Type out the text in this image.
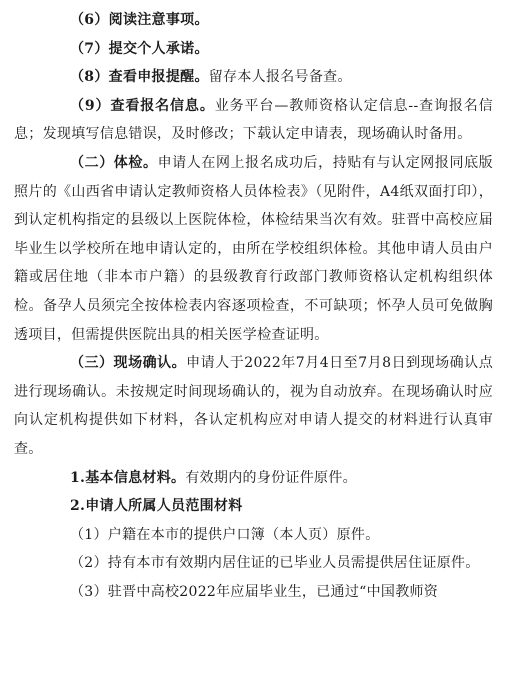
（6）阅读注意事项。

（7）提交个人承诺。

（8）查看申报提醒。留存本人报名号备查。

（9）查看报名信息。业务平台—教师资格认定信息--查询报名信息；发现填写信息错误，及时修改；下载认定申请表，现场确认时备用。

（二）体检。申请人在网上报名成功后，持贴有与认定网报同底版照片的《山西省申请认定教师资格人员体检表》（见附件，A4纸双面打印），到认定机构指定的县级以上医院体检，体检结果当次有效。驻晋中高校应届毕业生以学校所在地申请认定的，由所在学校组织体检。其他申请人员由户籍或居住地（非本市户籍）的县级教育行政部门教师资格认定机构组织体检。备孕人员须完全按体检表内容逐项检查，不可缺项；怀孕人员可免做胸透项目，但需提供医院出具的相关医学检查证明。

（三）现场确认。申请人于2022年7月4日至7月8日到现场确认点进行现场确认。未按规定时间现场确认的，视为自动放弃。在现场确认时应向认定机构提供如下材料，各认定机构应对申请人提交的材料进行认真审查。

1.基本信息材料。有效期内的身份证件原件。

2.申请人所属人员范围材料

（1）户籍在本市的提供户口簿（本人页）原件。

（2）持有本市有效期内居住证的已毕业人员需提供居住证原件。

（3）驻晋中高校2022年应届毕业生，已通过“中国教师资
